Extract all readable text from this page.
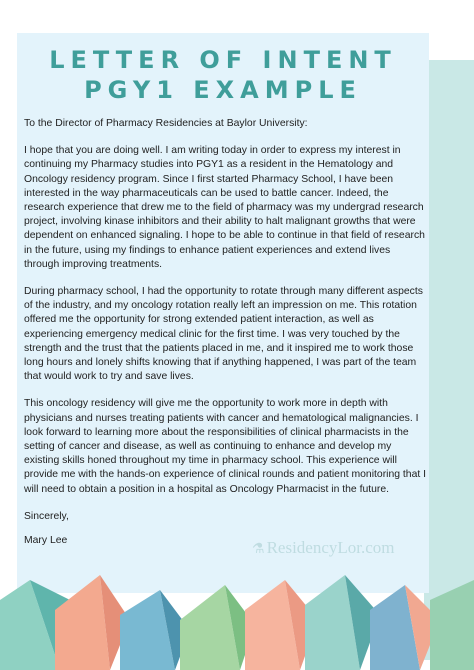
LETTER OF INTENT
PGY1 EXAMPLE

To the Director of Pharmacy Residencies at Baylor University:

I hope that you are doing well. I am writing today in order to express my interest in continuing my Pharmacy studies into PGY1 as a resident in the Hematology and Oncology residency program. Since I first started Pharmacy School, I have been interested in the way pharmaceuticals can be used to battle cancer. Indeed, the research experience that drew me to the field of pharmacy was my undergrad research project, involving kinase inhibitors and their ability to halt malignant growths that were dependent on enhanced signaling. I hope to be able to continue in that field of research in the future, using my findings to enhance patient experiences and extend lives through improving treatments.

During pharmacy school, I had the opportunity to rotate through many different aspects of the industry, and my oncology rotation really left an impression on me. This rotation offered me the opportunity for strong extended patient interaction, as well as experiencing emergency medical clinic for the first time. I was very touched by the strength and the trust that the patients placed in me, and it inspired me to work those long hours and lonely shifts knowing that if anything happened, I was part of the team that would work to try and save lives.

This oncology residency will give me the opportunity to work more in depth with physicians and nurses treating patients with cancer and hematological malignancies. I look forward to learning more about the responsibilities of clinical pharmacists in the setting of cancer and disease, as well as continuing to enhance and develop my existing skills honed throughout my time in pharmacy school. This experience will provide me with the hands-on experience of clinical rounds and patient monitoring that I will need to obtain a position in a hospital as Oncology Pharmacist in the future.

Sincerely,

Mary Lee

⚗ ResidencyLor.com
